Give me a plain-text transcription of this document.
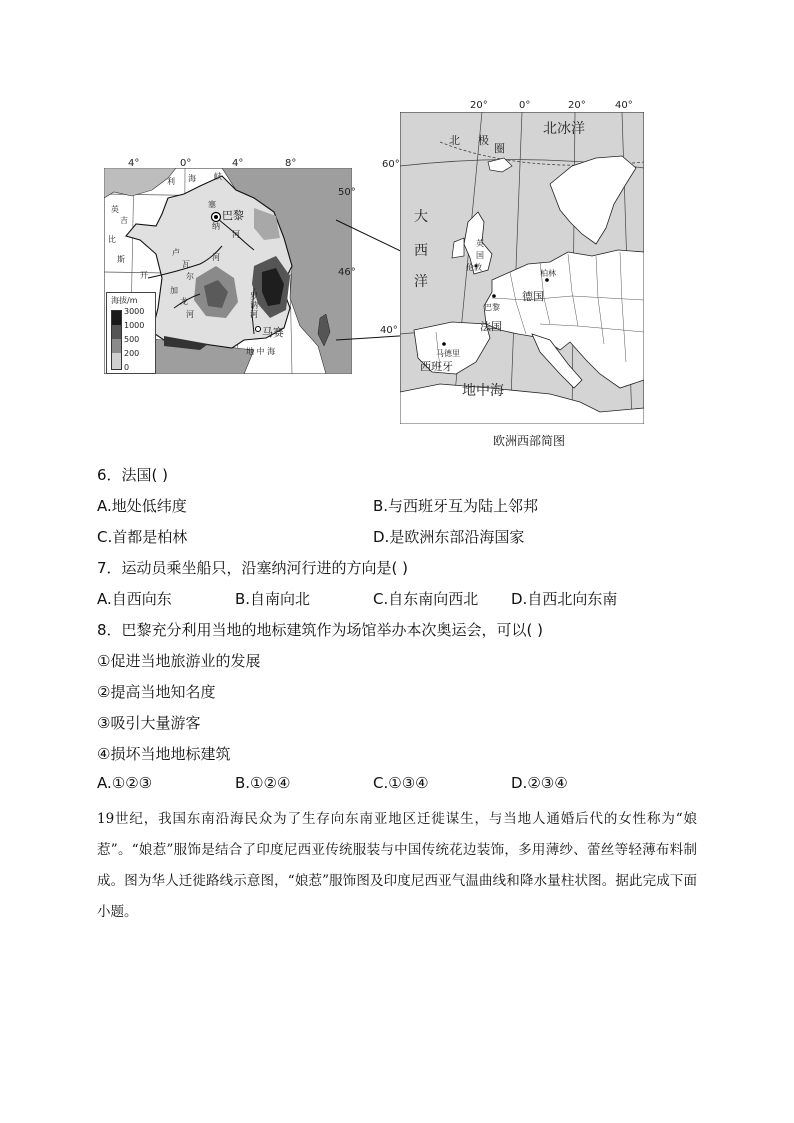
英
吉
利 海 峡
比
斯
开
地 中 海
塞
纳
河
卢
瓦
尔
河
加
龙
河
罗讷河
巴黎
马赛
海拔/m
3000
1000
500
200
0
4°	0°	4°	8°
50°
46°
北冰洋
北 极
圈
大
西
洋
地中海
法国
德国
西班牙
英
国
巴黎
柏林
马德里
伦敦
20°	0°	20°	40°
60°
40°
欧洲西部简图
6．法国( )
A.地处低纬度	B.与西班牙互为陆上邻邦
C.首都是柏林	D.是欧洲东部沿海国家
7．运动员乘坐船只，沿塞纳河行进的方向是( )
A.自西向东	B.自南向北	C.自东南向西北 D.自西北向东南
8．巴黎充分利用当地的地标建筑作为场馆举办本次奥运会，可以( )
①促进当地旅游业的发展
②提高当地知名度
③吸引大量游客
④损坏当地地标建筑
A.①②③	B.①②④	C.①③④	D.②③④
19世纪，我国东南沿海民众为了生存向东南亚地区迁徙谋生，与当地人通婚后代的女性称为“娘惹”。“娘惹”服饰是结合了印度尼西亚传统服装与中国传统花边装饰，多用薄纱、蕾丝等轻薄布料制成。图为华人迁徙路线示意图，“娘惹”服饰图及印度尼西亚气温曲线和降水量柱状图。据此完成下面小题。
